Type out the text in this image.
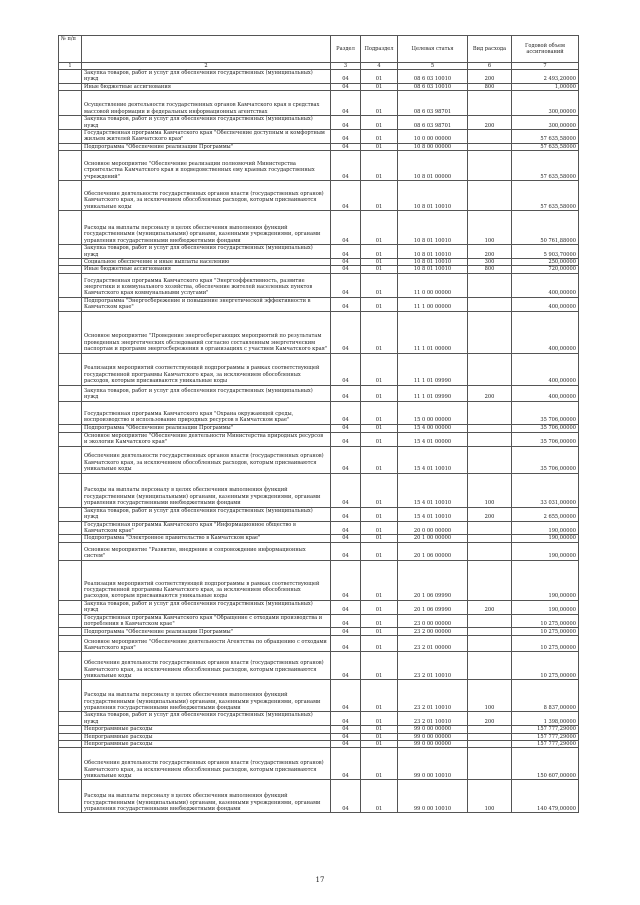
№ п/п		Раздел	Подраздел	Целевая статья	Вид расхода	Годовой объем ассигнований
1	2	3	4	5	6	7
	Закупка товаров, работ и услуг для обеспечения государственных (муниципальных) нужд	04	01	08 6 03 10010	200	2 493,20000
	Иные бюджетные ассигнования	04	01	08 6 03 10010	800	1,00000
	Осуществление деятельности государственных органов Камчатского края в средствах массовой информации и федеральных информационных агентствах	04	01	08 6 03 98701		300,00000
	Закупка товаров, работ и услуг для обеспечения государственных (муниципальных) нужд	04	01	08 6 03 98701	200	300,00000
	Государственная программа Камчатского края "Обеспечение доступным и комфортным жильем жителей Камчатского края"	04	01	10 0 00 00000		57 635,58000
	Подпрограмма "Обеспечение реализации Программы"	04	01	10 8 00 00000		57 635,58000
	Основное мероприятие "Обеспечение реализации полномочий Министерства строительства Камчатского края и подведомственных ему краевых государственных учреждений"	04	01	10 8 01 00000		57 635,58000
	Обеспечение деятельности государственных органов власти (государственных органов) Камчатского края, за исключением обособленных расходов, которым присваиваются уникальные коды	04	01	10 8 01 10010		57 635,58000
	Расходы на выплаты персоналу в целях обеспечения выполнения функций государственными (муниципальными) органами, казенными учреждениями, органами управления государственными внебюджетными фондами	04	01	10 8 01 10010	100	50 761,88000
	Закупка товаров, работ и услуг для обеспечения государственных (муниципальных) нужд	04	01	10 8 01 10010	200	5 903,70000
	Социальное обеспечение и иные выплаты населению	04	01	10 8 01 10010	300	250,00000
	Иные бюджетные ассигнования	04	01	10 8 01 10010	800	720,00000
	Государственная программа Камчатского края "Энергоэффективность, развитие энергетики и коммунального хозяйства, обеспечение жителей населенных пунктов Камчатского края коммунальными услугами"	04	01	11 0 00 00000		400,00000
	Подпрограмма "Энергосбережение и повышение энергетической эффективности в Камчатском крае"	04	01	11 1 00 00000		400,00000
	Основное мероприятие "Проведение энергосберегающих мероприятий по результатам проведенных энергетических обследований согласно составленным энергетическим паспортам и программ энергосбережения в организациях с участием Камчатского края"	04	01	11 1 01 00000		400,00000
	Реализация мероприятий соответствующей подпрограммы в рамках соответствующей государственной программы Камчатского края, за исключением обособленных расходов, которым присваиваются уникальные коды	04	01	11 1 01 09990		400,00000
	Закупка товаров, работ и услуг для обеспечения государственных (муниципальных) нужд	04	01	11 1 01 09990	200	400,00000
	Государственная программа Камчатского края "Охрана окружающей среды, воспроизводство и использование природных ресурсов в Камчатском крае"	04	01	15 0 00 00000		35 706,00000
	Подпрограмма "Обеспечение реализации Программы"	04	01	15 4 00 00000		35 706,00000
	Основное мероприятие "Обеспечение деятельности Министерства природных ресурсов и экологии Камчатского края"	04	01	15 4 01 00000		35 706,00000
	Обеспечение деятельности государственных органов власти (государственных органов) Камчатского края, за исключением обособленных расходов, которым присваиваются уникальные коды	04	01	15 4 01 10010		35 706,00000
	Расходы на выплаты персоналу в целях обеспечения выполнения функций государственными (муниципальными) органами, казенными учреждениями, органами управления государственными внебюджетными фондами	04	01	15 4 01 10010	100	33 031,00000
	Закупка товаров, работ и услуг для обеспечения государственных (муниципальных) нужд	04	01	15 4 01 10010	200	2 655,00000
	Государственная программа Камчатского края "Информационное общество в Камчатском крае"	04	01	20 0 00 00000		190,00000
	Подпрограмма "Электронное правительство в Камчатском крае"	04	01	20 1 00 00000		190,00000
	Основное мероприятие "Развитие, внедрение и сопровождение информационных систем"	04	01	20 1 06 00000		190,00000
	Реализация мероприятий соответствующей подпрограммы в рамках соответствующей государственной программы Камчатского края, за исключением обособленных расходов, которым присваиваются уникальные коды	04	01	20 1 06 09990		190,00000
	Закупка товаров, работ и услуг для обеспечения государственных (муниципальных) нужд	04	01	20 1 06 09990	200	190,00000
	Государственная программа Камчатского края "Обращение с отходами производства и потребления в Камчатском крае"	04	01	23 0 00 00000		10 275,00000
	Подпрограмма "Обеспечение реализации Программы"	04	01	23 2 00 00000		10 275,00000
	Основное мероприятие "Обеспечение деятельности Агентства по обращению с отходами Камчатского края"	04	01	23 2 01 00000		10 275,00000
	Обеспечение деятельности государственных органов власти (государственных органов) Камчатского края, за исключением обособленных расходов, которым присваиваются уникальные коды	04	01	23 2 01 10010		10 275,00000
	Расходы на выплаты персоналу в целях обеспечения выполнения функций государственными (муниципальными) органами, казенными учреждениями, органами управления государственными внебюджетными фондами	04	01	23 2 01 10010	100	8 837,00000
	Закупка товаров, работ и услуг для обеспечения государственных (муниципальных) нужд	04	01	23 2 01 10010	200	1 398,00000
	Непрограммные расходы	04	01	99 0 00 00000		157 777,29000
	Непрограммные расходы	04	01	99 0 00 00000		157 777,29000
	Непрограммные расходы	04	01	99 0 00 00000		157 777,29000
	Обеспечение деятельности государственных органов власти (государственных органов) Камчатского края, за исключением обособленных расходов, которым присваиваются уникальные коды	04	01	99 0 00 10010		150 607,00000
	Расходы на выплаты персоналу в целях обеспечения выполнения функций государственными (муниципальными) органами, казенными учреждениями, органами управления государственными внебюджетными фондами	04	01	99 0 00 10010	100	140 479,00000
17
